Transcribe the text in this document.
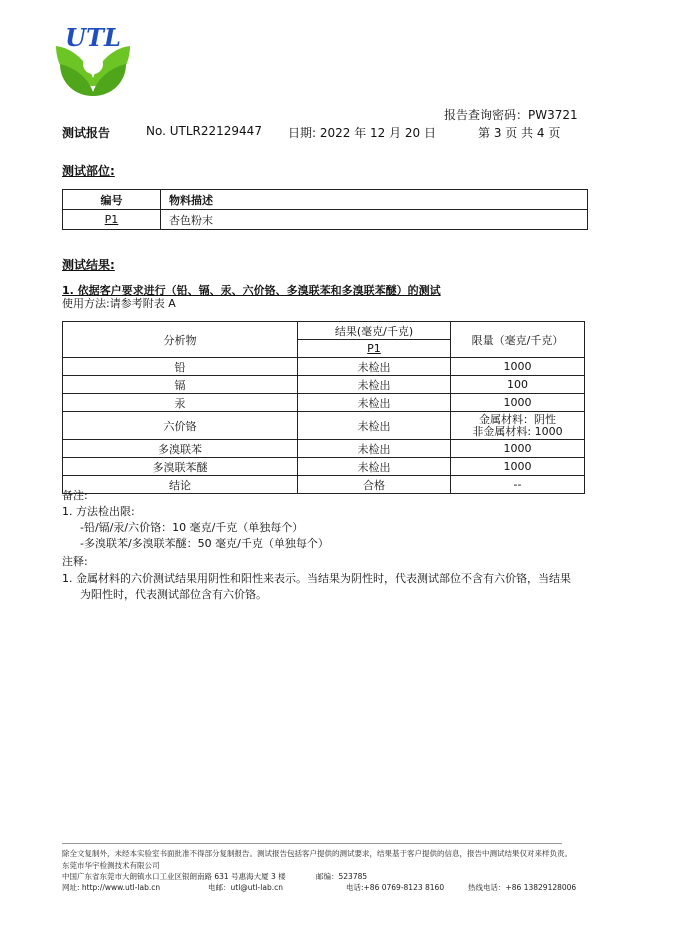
UTL
报告查询密码：PW3721
测试报告	No. UTLR22129447 日期: 2022 年 12 月 20 日	第 3 页 共 4 页
测试部位:
编号	物料描述
P1	杏色粉末
测试结果:
1. 依据客户要求进行（铅、镉、汞、六价铬、多溴联苯和多溴联苯醚）的测试
使用方法:请参考附表 A
分析物	结果(毫克/千克)	限量（毫克/千克）
	P1	
铅	未检出	1000
镉	未检出	100
汞	未检出	1000
六价铬	未检出	金属材料：阴性
非金属材料: 1000

多溴联苯	未检出	1000
多溴联苯醚	未检出	1000
结论	合格	--
备注:
1. 方法检出限:
-铅/镉/汞/六价铬：10 毫克/千克（单独每个）
-多溴联苯/多溴联苯醚：50 毫克/千克（单独每个）
注释:
1. 金属材料的六价测试结果用阴性和阳性来表示。当结果为阴性时，代表测试部位不含有六价铬，当结果
为阳性时，代表测试部位含有六价铬。
除全文复制外，未经本实验室书面批准不得部分复制报告。测试报告包括客户提供的测试要求，结果基于客户提供的信息，报告中测试结果仅对来样负责。
东莞市华宇检测技术有限公司
中国广东省东莞市大朗镇水口工业区银朗南路 631 号惠海大厦 3 楼	邮编：523785
网址: http://www.utl-lab.cn	电邮：utl@utl-lab.cn	电话:+86 0769-8123 8160	热线电话：+86 13829128006
